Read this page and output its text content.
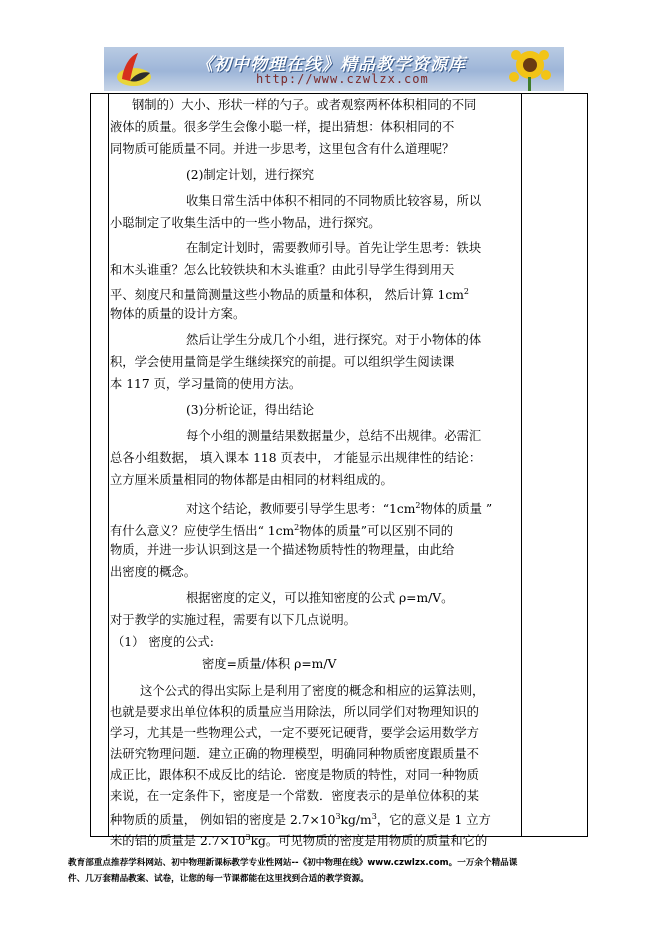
《初中物理在线》精品教学资源库
http://www.czwlzx.com
钢制的）大小、形状一样的勺子。或者观察两杯体积相同的不同
液体的质量。很多学生会像小聪一样，提出猜想：体积相同的不
同物质可能质量不同。并进一步思考，这里包含有什么道理呢？
(2)制定计划，进行探究
收集日常生活中体积不相同的不同物质比较容易，所以
小聪制定了收集生活中的一些小物品，进行探究。
在制定计划时，需要教师引导。首先让学生思考：铁块
和木头谁重？怎么比较铁块和木头谁重？由此引导学生得到用天
平、刻度尺和量筒测量这些小物品的质量和体积， 然后计算 $1cm^2$
物体的质量的设计方案。
然后让学生分成几个小组，进行探究。对于小物体的体
积，学会使用量筒是学生继续探究的前提。可以组织学生阅读课
本 117 页，学习量筒的使用方法。
(3)分析论证，得出结论
每个小组的测量结果数据量少，总结不出规律。必需汇
总各小组数据， 填入课本 118 页表中， 才能显示出规律性的结论：
立方厘米质量相同的物体都是由相同的材料组成的。
对这个结论，教师要引导学生思考：“$1cm^2$物体的质量 ”
有什么意义？应使学生悟出“ $1cm^2$物体的质量”可以区别不同的
物质，并进一步认识到这是一个描述物质特性的物理量，由此给
出密度的概念。
根据密度的定义，可以推知密度的公式 ρ=m/V。
对于教学的实施过程，需要有以下几点说明。
（1） 密度的公式:
密度=质量/体积 ρ=m/V
这个公式的得出实际上是利用了密度的概念和相应的运算法则，
也就是要求出单位体积的质量应当用除法，所以同学们对物理知识的
学习，尤其是一些物理公式，一定不要死记硬背，要学会运用数学方
法研究物理问题．建立正确的物理模型，明确同种物质密度跟质量不
成正比，跟体积不成反比的结论．密度是物质的特性，对同一种物质
来说，在一定条件下，密度是一个常数．密度表示的是单位体积的某
种物质的质量， 例如铝的密度是 $2.7\times 10^3kg/m^3$，它的意义是 1 立方
教育部重点推荐学科网站、初中物理新课标教学专业性网站--《初中物理在线》www.czwlzx.com。一万余个精品课
件、几万套精品教案、试卷，让您的每一节课都能在这里找到合适的教学资源。
米的铝的质量是 $2.7\times 10^3kg$。可见物质的密度是用物质的质量和它的
